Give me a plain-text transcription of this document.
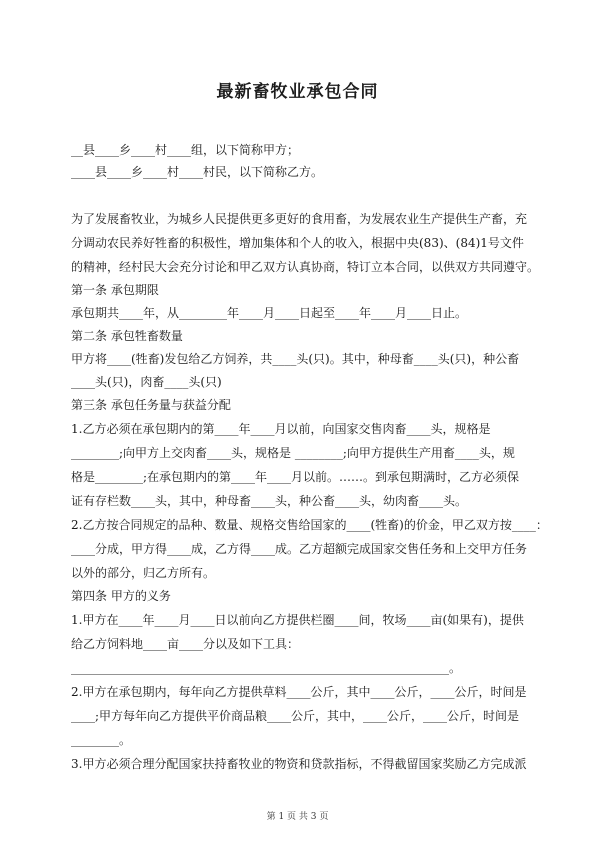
最新畜牧业承包合同

__县____乡____村____组，以下简称甲方；

____县____乡____村____村民，以下简称乙方。

为了发展畜牧业，为城乡人民提供更多更好的食用畜，为发展农业生产提供生产畜，充

分调动农民养好牲畜的积极性，增加集体和个人的收入，根据中央(83)、(84)1号文件

的精神，经村民大会充分讨论和甲乙双方认真协商，特订立本合同，以供双方共同遵守。

第一条 承包期限

承包期共____年，从________年____月____日起至____年____月____日止。

第二条 承包牲畜数量

甲方将____(牲畜)发包给乙方饲养，共____头(只)。其中，种母畜____头(只)，种公畜

____头(只)，肉畜____头(只)

第三条 承包任务量与获益分配

1.乙方必须在承包期内的第____年____月以前，向国家交售肉畜____头，规格是

________;向甲方上交肉畜____头，规格是 ________;向甲方提供生产用畜____头，规

格是________;在承包期内的第____年____月以前。……。到承包期满时，乙方必须保

证有存栏数____头，其中，种母畜____头，种公畜____头，幼肉畜____头。

2.乙方按合同规定的品种、数量、规格交售给国家的____(牲畜)的价金，甲乙双方按____：

____分成，甲方得____成，乙方得____成。乙方超额完成国家交售任务和上交甲方任务

以外的部分，归乙方所有。

第四条 甲方的义务

1.甲方在____年____月____日以前向乙方提供栏圈____间，牧场____亩(如果有)，提供

给乙方饲料地____亩____分以及如下工具：

_______________________________________________________________。

2.甲方在承包期内，每年向乙方提供草料____公斤，其中____公斤，____公斤，时间是

____;甲方每年向乙方提供平价商品粮____公斤，其中，____公斤，____公斤，时间是

________。

3.甲方必须合理分配国家扶持畜牧业的物资和贷款指标，不得截留国家奖励乙方完成派

第 1 页 共 3 页
